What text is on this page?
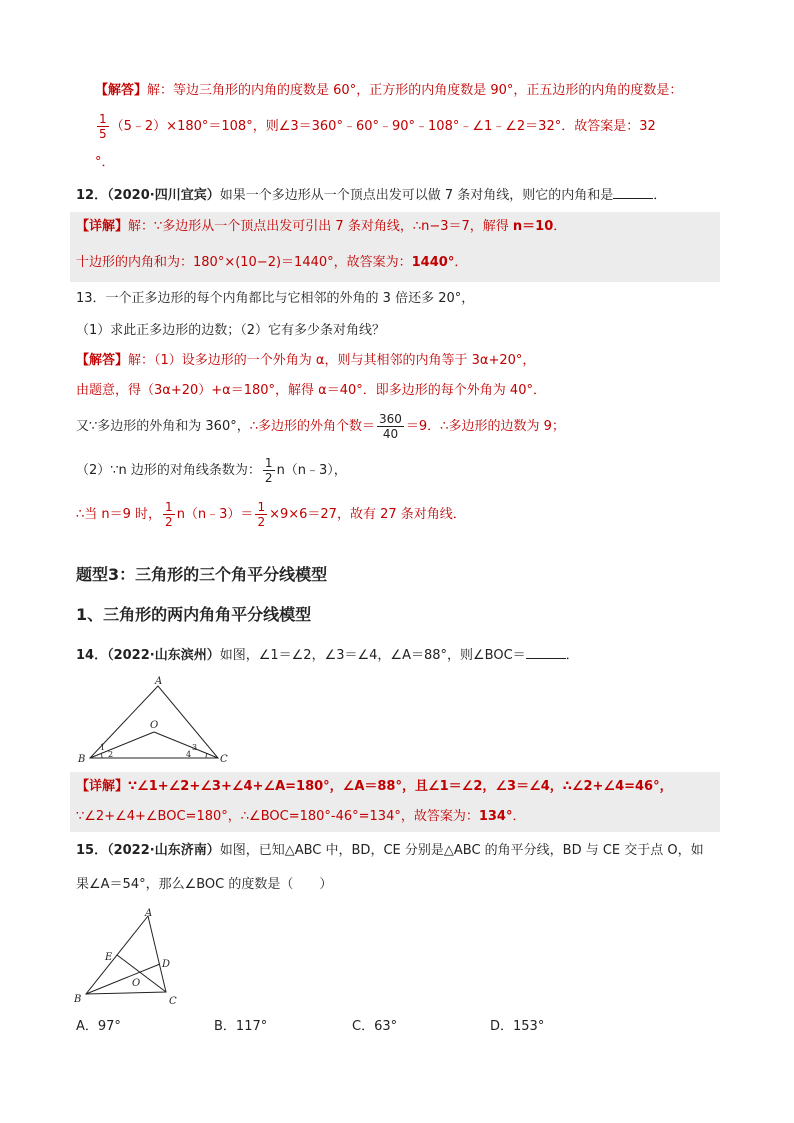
【解答】解：等边三角形的内角的度数是 60°，正方形的内角度数是 90°，正五边形的内角的度数是：
$\frac{1}{5}$ （5﹣2）×180°＝108°，则∠3＝360°﹣60°﹣90°﹣108°﹣∠1﹣∠2＝32°．故答案是：32
°．
12．（2020·四川宜宾）如果一个多边形从一个顶点出发可以做 7 条对角线，则它的内角和是	．
【详解】解：∵多边形从一个顶点出发可引出 7 条对角线，∴n−3＝7，解得 n＝10．
十边形的内角和为：180°×(10−2)＝1440°，故答案为：1440°．
13．一个正多边形的每个内角都比与它相邻的外角的 3 倍还多 20°，
（1）求此正多边形的边数；（2）它有多少条对角线？
【解答】解：（1）设多边形的一个外角为 α，则与其相邻的内角等于 3α+20°，
由题意，得（3α+20）+α＝180°，解得 α＝40°．即多边形的每个外角为 40°．
又∵多边形的外角和为 360°，∴多边形的外角个数＝ $\frac{360}{40} =9$．∴多边形的边数为 9；
（2）∵n 边形的对角线条数为： $\frac{1}{2}$ n（n﹣3），
∴当 n＝9 时， $\frac{1}{2}$ n（n﹣3）＝ $\frac{1}{2} \times 9\times 6=27$，故有 27 条对角线．
题型3：三角形的三个角平分线模型
1、三角形的两内角角平分线模型
14．（2022·山东滨州）如图，∠1＝∠2，∠3＝∠4，∠A＝88°，则∠BOC＝	．
A
O
B	C
1
2
3
4
【详解】∵∠1+∠2+∠3+∠4+∠A=180°，∠A＝88°，且∠1＝∠2，∠3＝∠4，∴∠2+∠4=46°，
∵∠2+∠4+∠BOC=180°，∴∠BOC=180°-46°=134°，故答案为：134°．
15．（2022·山东济南）如图，已知△ABC 中，BD，CE 分别是△ABC 的角平分线，BD 与 CE 交于点 O，如
果∠A＝54°，那么∠BOC 的度数是（　　）
A
E
D
O
B	C
A．97°	B．117°	C．63°	D．153°
